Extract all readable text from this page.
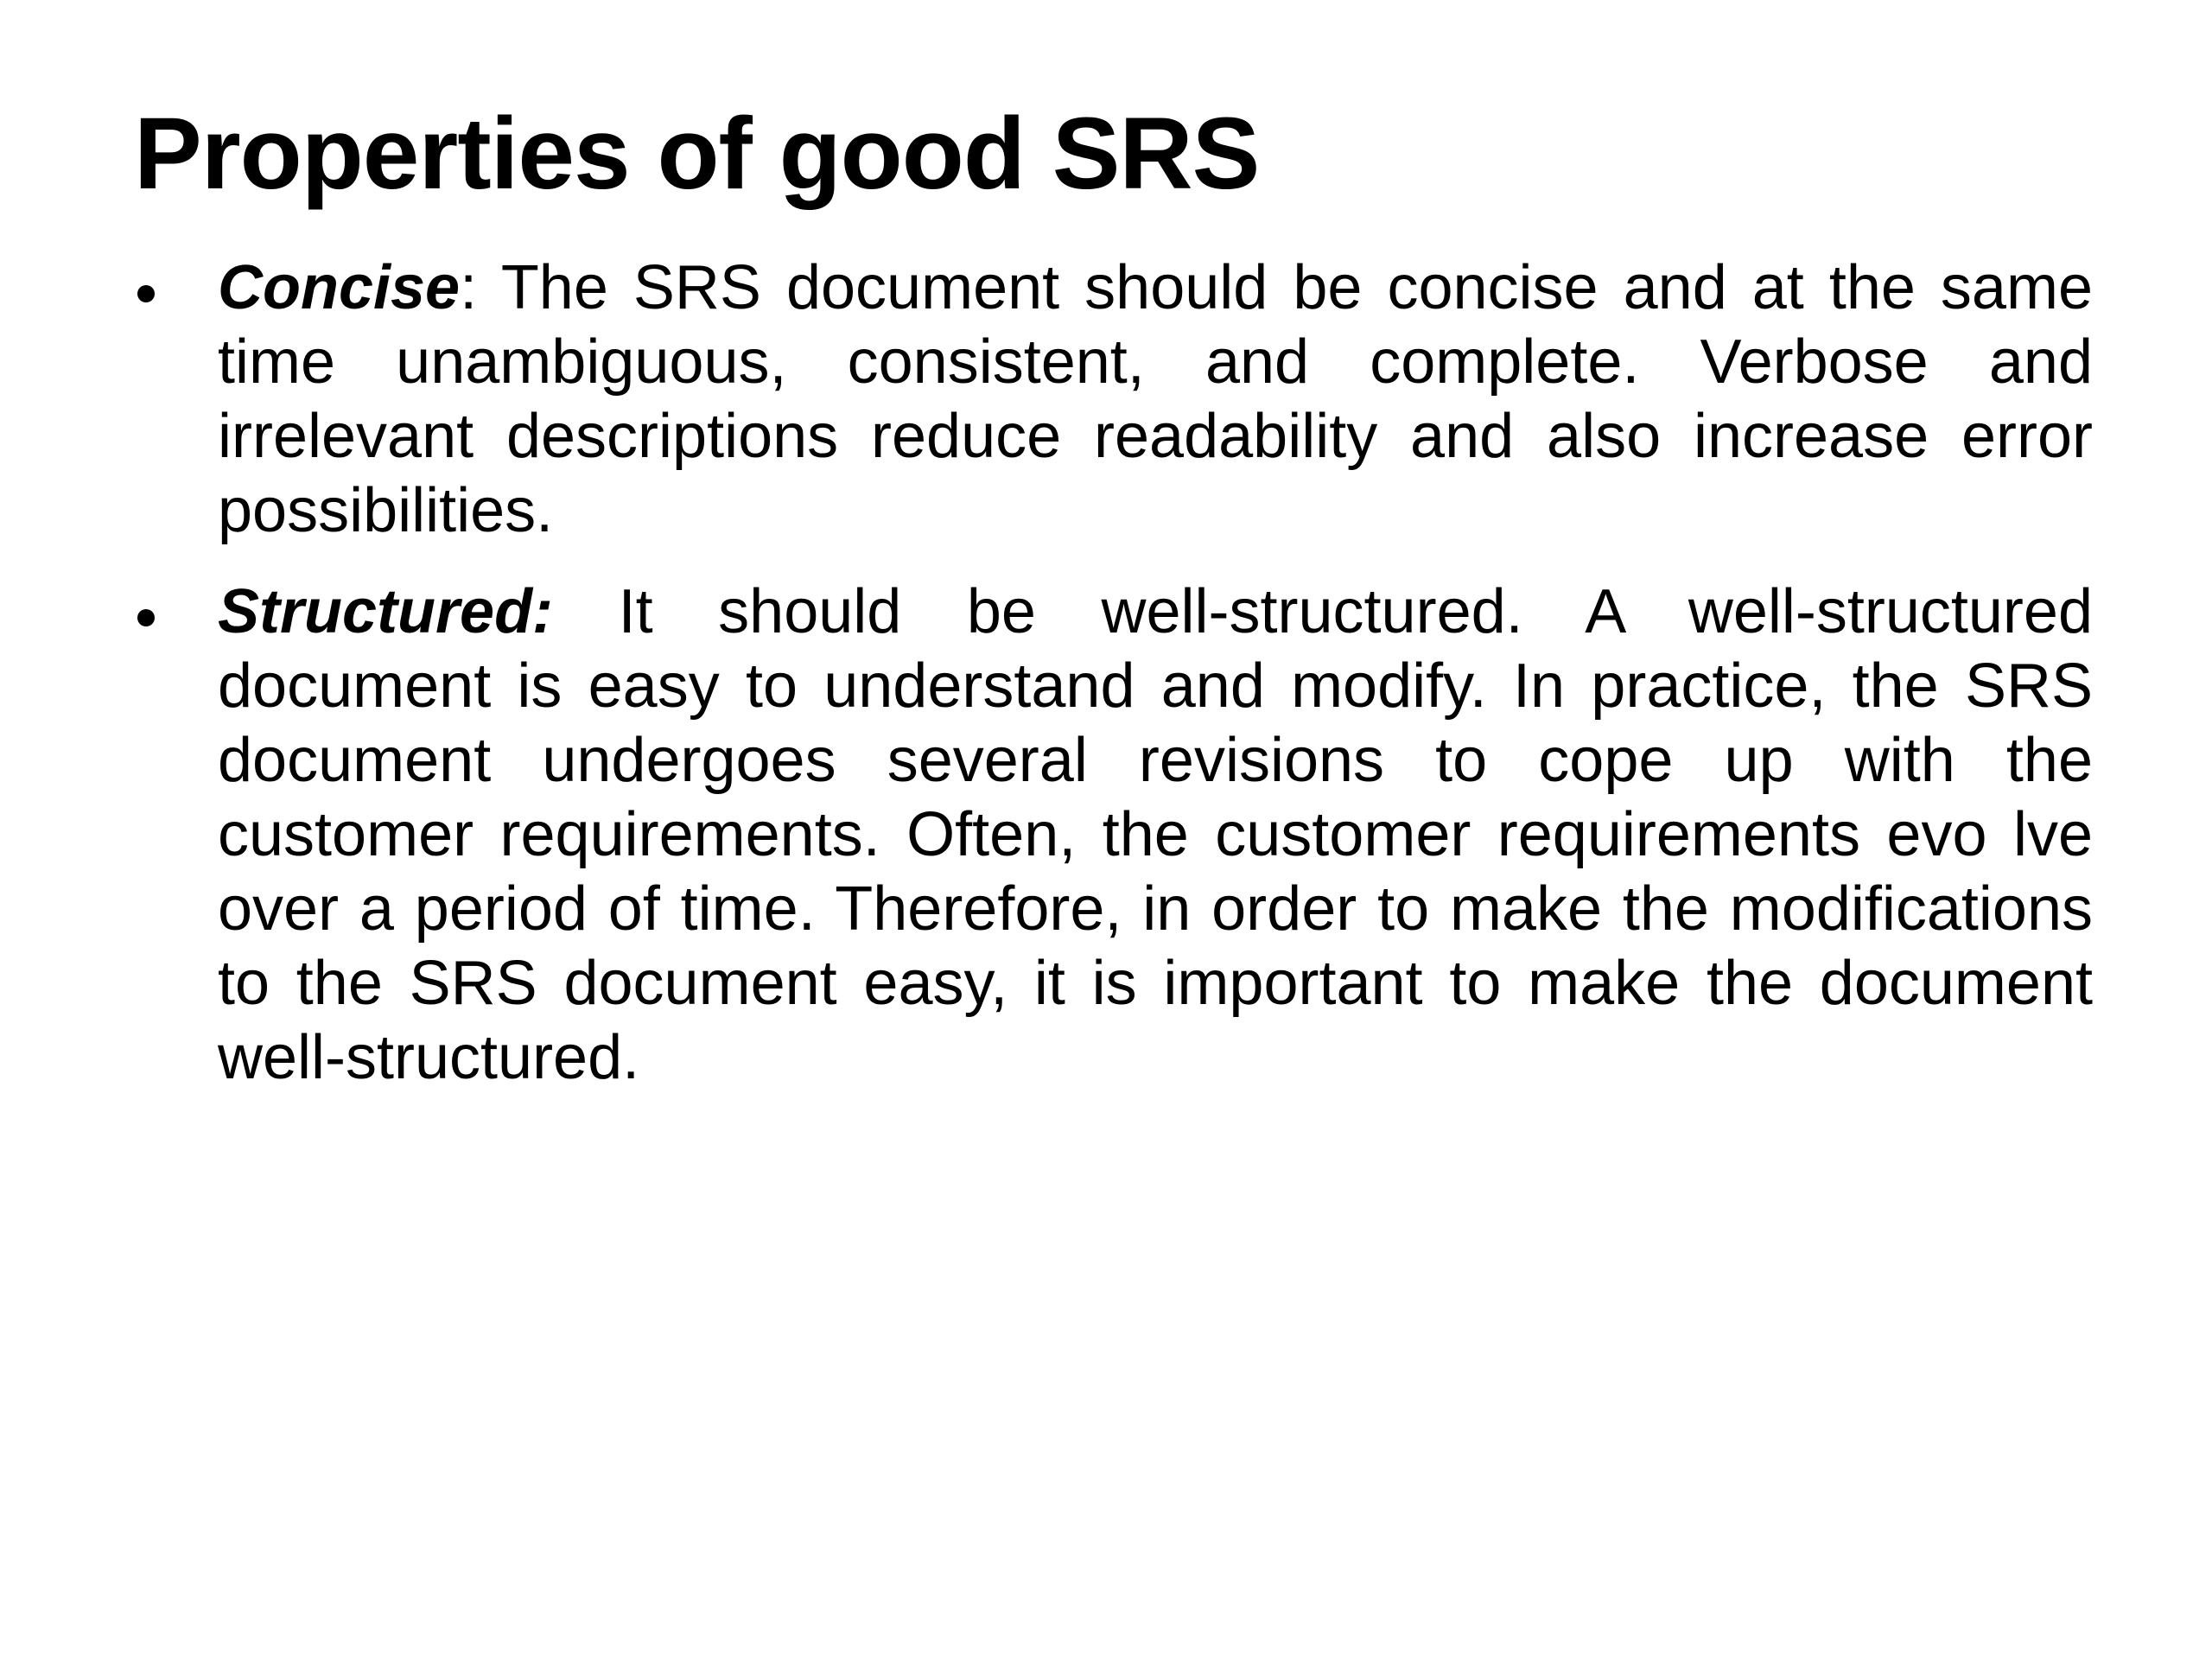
Properties of good SRS

Concise: The SRS document should be concise and at the same time unambiguous, consistent, and complete. Verbose and irrelevant descriptions reduce readability and also increase error possibilities.

Structured: It should be well-structured. A well-structured document is easy to understand and modify. In practice, the SRS document undergoes several revisions to cope up with the customer requirements. Often, the customer requirements evo lve over a period of time. Therefore, in order to make the modifications to the SRS document easy, it is important to make the document well-structured.
